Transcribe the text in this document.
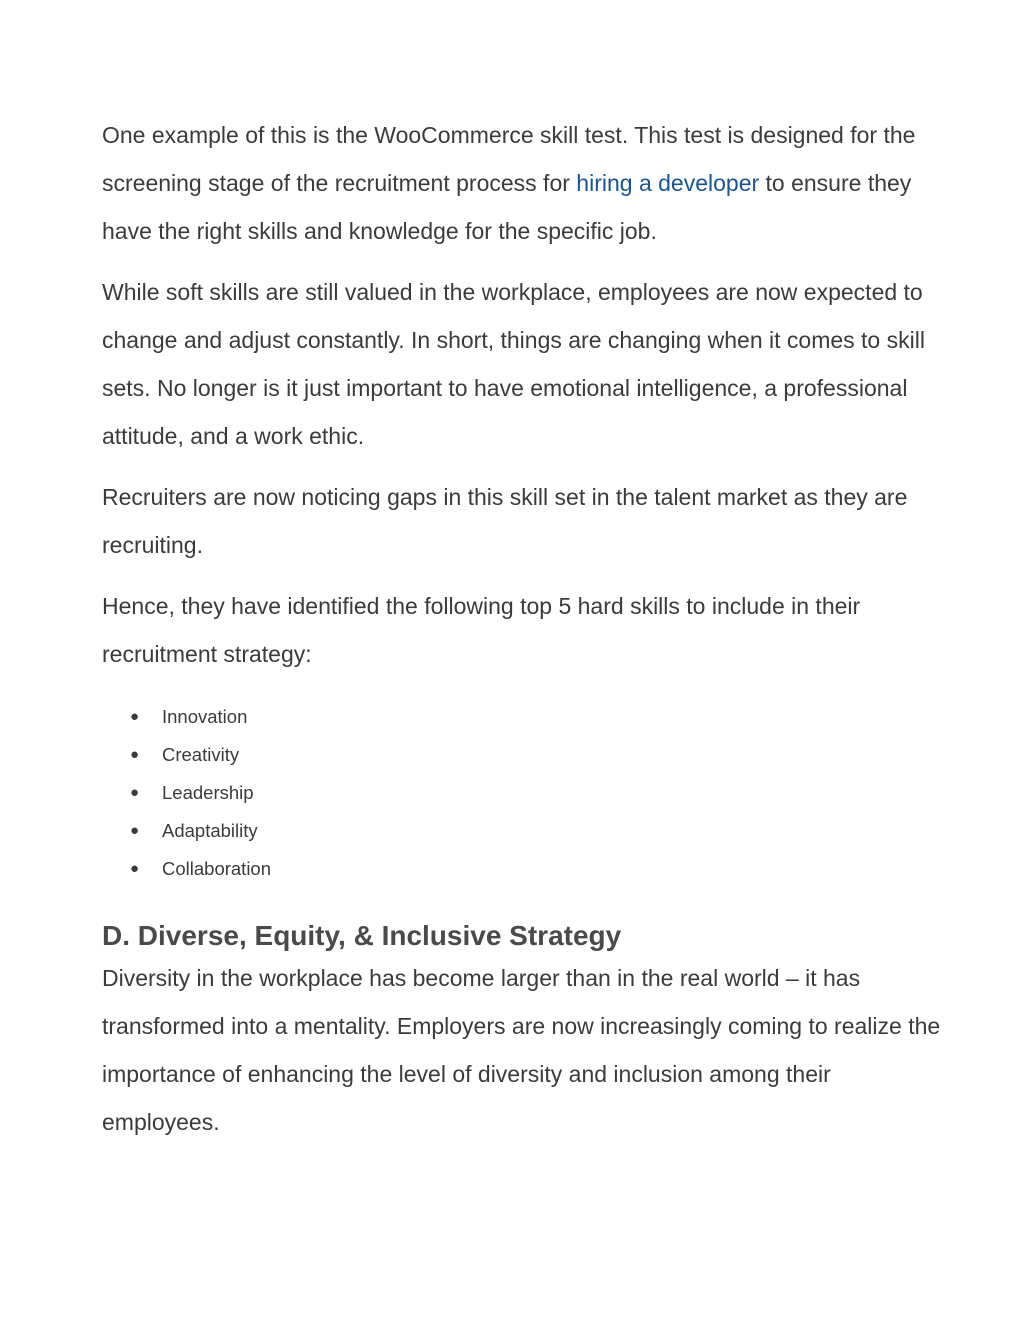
One example of this is the WooCommerce skill test. This test is designed for the screening stage of the recruitment process for hiring a developer to ensure they have the right skills and knowledge for the specific job.

While soft skills are still valued in the workplace, employees are now expected to change and adjust constantly. In short, things are changing when it comes to skill sets. No longer is it just important to have emotional intelligence, a professional attitude, and a work ethic.

Recruiters are now noticing gaps in this skill set in the talent market as they are recruiting.

Hence, they have identified the following top 5 hard skills to include in their recruitment strategy:

● Innovation
● Creativity
● Leadership
● Adaptability
● Collaboration
D. Diverse, Equity, & Inclusive Strategy

Diversity in the workplace has become larger than in the real world – it has transformed into a mentality. Employers are now increasingly coming to realize the importance of enhancing the level of diversity and inclusion among their employees.
